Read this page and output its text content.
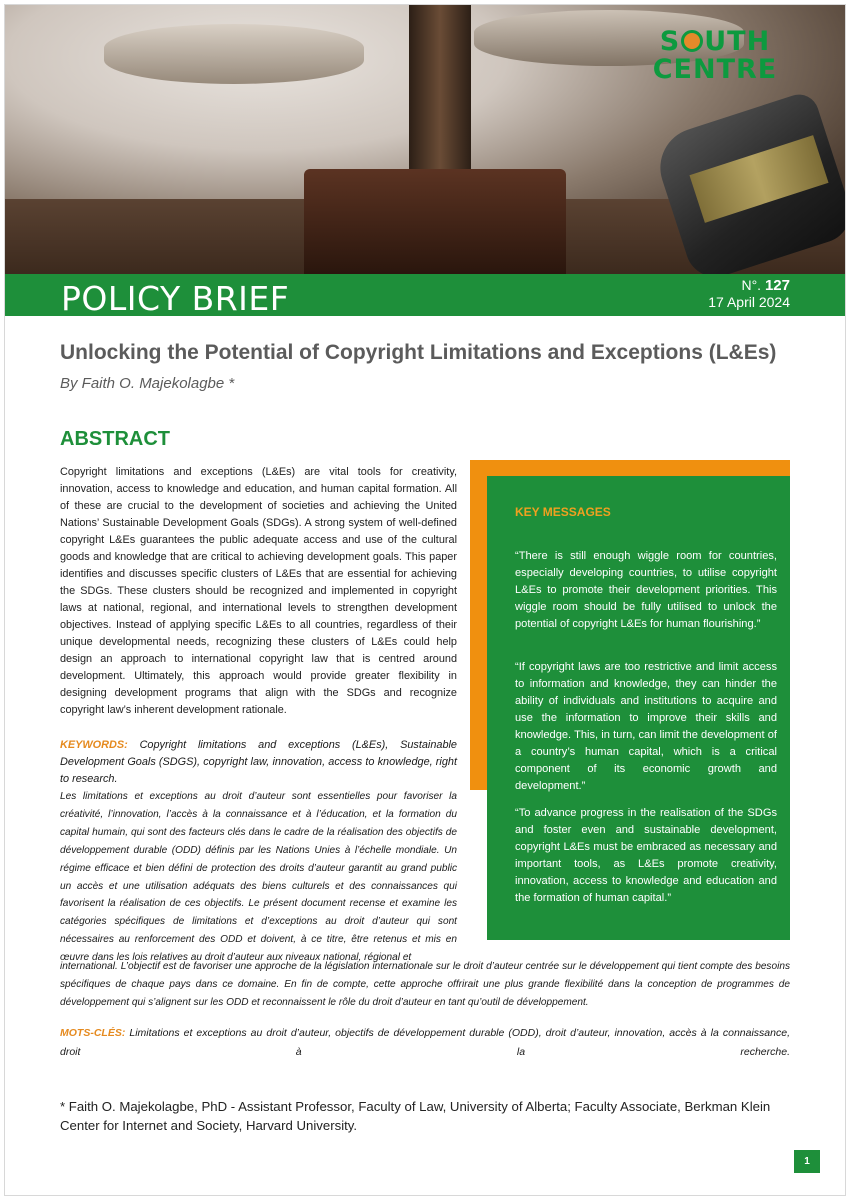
S UTH
CENTRE
POLICY BRIEF	N°. 127
17 April 2024
Unlocking the Potential of Copyright Limitations and Exceptions (L&Es)
By Faith O. Majekolagbe *
ABSTRACT

Copyright limitations and exceptions (L&Es) are vital tools for creativity, innovation, access to knowledge and education, and human capital formation. All of these are crucial to the development of societies and achieving the United Nations’ Sustainable Development Goals (SDGs). A strong system of well-defined copyright L&Es guarantees the public adequate access and use of the cultural goods and knowledge that are critical to achieving development goals. This paper identifies and discusses specific clusters of L&Es that are essential for achieving the SDGs. These clusters should be recognized and implemented in copyright laws at national, regional, and international levels to strengthen development objectives. Instead of applying specific L&Es to all countries, regardless of their unique developmental needs, recognizing these clusters of L&Es could help design an approach to international copyright law that is centred around development. Ultimately, this approach would provide greater flexibility in designing development programs that align with the SDGs and recognize copyright law’s inherent development rationale.

KEYWORDS: Copyright limitations and exceptions (L&Es), Sustainable Development Goals (SDGS), copyright law, innovation, access to knowledge, right to research.

Les limitations et exceptions au droit d’auteur sont essentielles pour favoriser la créativité, l’innovation, l’accès à la connaissance et à l’éducation, et la formation du capital humain, qui sont des facteurs clés dans le cadre de la réalisation des objectifs de développement durable (ODD) définis par les Nations Unies à l’échelle mondiale. Un régime efficace et bien défini de protection des droits d’auteur garantit au grand public un accès et une utilisation adéquats des biens culturels et des connaissances qui favorisent la réalisation de ces objectifs. Le présent document recense et examine les catégories spécifiques de limitations et d’exceptions au droit d’auteur qui sont nécessaires au renforcement des ODD et doivent, à ce titre, être retenus et mis en œuvre dans les lois relatives au droit d’auteur aux niveaux national, régional et

international. L’objectif est de favoriser une approche de la législation internationale sur le droit d’auteur centrée sur le développement qui tient compte des besoins spécifiques de chaque pays dans ce domaine. En fin de compte, cette approche offrirait une plus grande flexibilité dans la conception de programmes de développement qui s’alignent sur les ODD et reconnaissent le rôle du droit d’auteur en tant qu’outil de développement.

MOTS-CLÉS: Limitations et exceptions au droit d’auteur, objectifs de développement durable (ODD), droit d’auteur, innovation, accès à la connaissance, droit à la recherche.

* Faith O. Majekolagbe, PhD - Assistant Professor, Faculty of Law, University of Alberta; Faculty Associate, Berkman Klein Center for Internet and Society, Harvard University.

KEY MESSAGES

“There is still enough wiggle room for countries, especially developing countries, to utilise copyright L&Es to promote their development priorities. This wiggle room should be fully utilised to unlock the potential of copyright L&Es for human flourishing.”

“If copyright laws are too restrictive and limit access to information and knowledge, they can hinder the ability of individuals and institutions to acquire and use the information to improve their skills and knowledge. This, in turn, can limit the development of a country’s human capital, which is a critical component of its economic growth and development.”

“To advance progress in the realisation of the SDGs and foster even and sustainable development, copyright L&Es must be embraced as necessary and important tools, as L&Es promote creativity, innovation, access to knowledge and education and the formation of human capital.”

1
